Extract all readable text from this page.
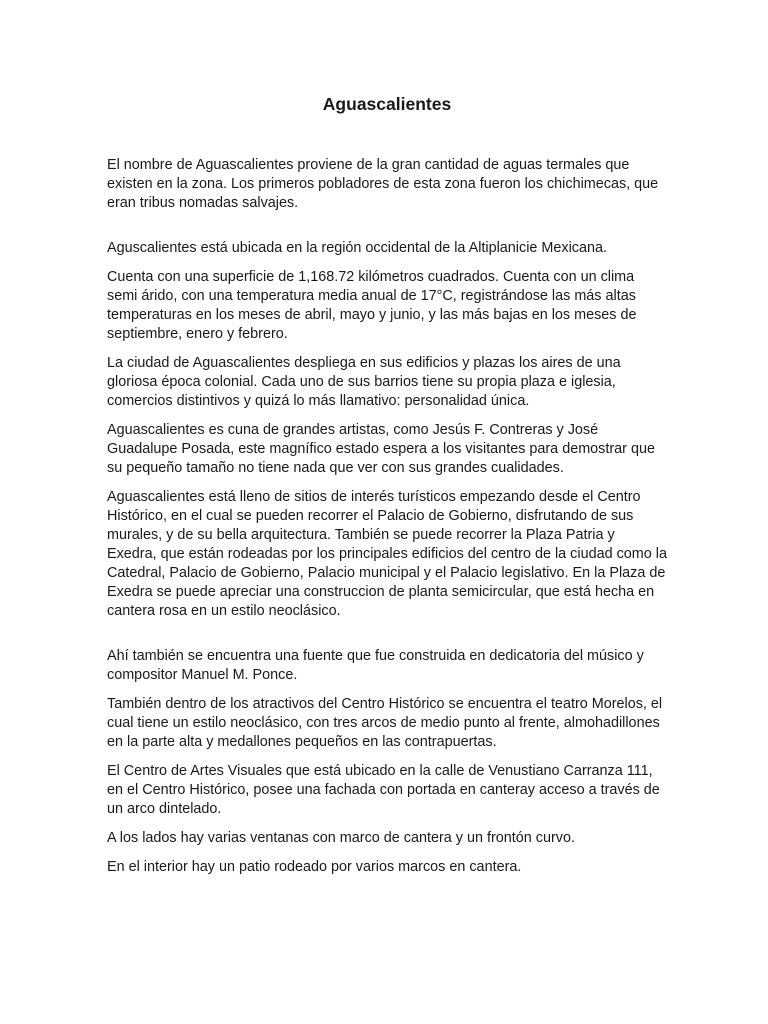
Aguascalientes

El nombre de Aguascalientes proviene de la gran cantidad de aguas termales que existen en la zona. Los primeros pobladores de esta zona fueron los chichimecas, que eran tribus nomadas salvajes.

Aguscalientes está ubicada en la región occidental de la Altiplanicie Mexicana.

Cuenta con una superficie de 1,168.72 kilómetros cuadrados. Cuenta con un clima semi árido, con una temperatura media anual de 17°C, registrándose las más altas temperaturas en los meses de abril, mayo y junio, y las más bajas en los meses de septiembre, enero y febrero.

La ciudad de Aguascalientes despliega en sus edificios y plazas los aires de una gloriosa época colonial. Cada uno de sus barrios tiene su propia plaza e iglesia, comercios distintivos y quizá lo más llamativo: personalidad única.

Aguascalientes es cuna de grandes artistas, como Jesús F. Contreras y José Guadalupe Posada, este magnífico estado espera a los visitantes para demostrar que su pequeño tamaño no tiene nada que ver con sus grandes cualidades.

Aguascalientes está lleno de sitios de interés turísticos empezando desde el Centro Histórico, en el cual se pueden recorrer el Palacio de Gobierno, disfrutando de sus murales, y de su bella arquitectura. También se puede recorrer la Plaza Patria y Exedra, que están rodeadas por los principales edificios del centro de la ciudad como la Catedral, Palacio de Gobierno, Palacio municipal y el Palacio legislativo. En la Plaza de Exedra se puede apreciar una construccion de planta semicircular, que está hecha en cantera rosa en un estilo neoclásico.

Ahí también se encuentra una fuente que fue construida en dedicatoria del músico y compositor Manuel M. Ponce.

También dentro de los atractivos del Centro Histórico se encuentra el teatro Morelos, el cual tiene un estilo neoclásico, con tres arcos de medio punto al frente, almohadillones en la parte alta y medallones pequeños en las contrapuertas.

El Centro de Artes Visuales que está ubicado en la calle de Venustiano Carranza 111, en el Centro Histórico, posee una fachada con portada en canteray acceso a través de un arco dintelado.

A los lados hay varias ventanas con marco de cantera y un frontón curvo.

En el interior hay un patio rodeado por varios marcos en cantera.
